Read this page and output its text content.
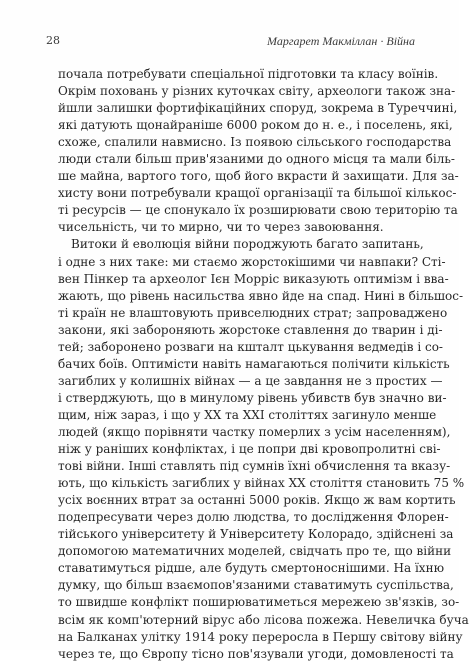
28	Маргарет Макміллан · Війна
почала потребувати спеціальної підготовки та класу воїнів.
Окрім поховань у різних куточках світу, археологи також зна-
йшли залишки фортифікаційних споруд, зокрема в Туреччині,
які датують щонайраніше 6000 роком до н. е., і поселень, які,
схоже, спалили навмисно. Із появою сільського господарства
люди стали більш прив'язаними до одного місця та мали біль-
ше майна, вартого того, щоб його вкрасти й захищати. Для за-
хисту вони потребували кращої організації та більшої кількос-
ті ресурсів — це спонукало їх розширювати свою територію та
чисельність, чи то мирно, чи то через завоювання.
Витоки й еволюція війни породжують багато запитань,
і одне з них таке: ми стаємо жорстокішими чи навпаки? Сті-
вен Пінкер та археолог Ієн Морріс виказують оптимізм і вва-
жають, що рівень насильства явно йде на спад. Нині в більшос-
ті країн не влаштовують привселюдних страт; запроваджено
закони, які забороняють жорстоке ставлення до тварин і ді-
тей; заборонено розваги на кшталт цькування ведмедів і со-
бачих боїв. Оптимісти навіть намагаються полічити кількість
загиблих у колишніх війнах — а це завдання не з простих —
і стверджують, що в минулому рівень убивств був значно ви-
щим, ніж зараз, і що у XX та XXI століттях загинуло менше
людей (якщо порівняти частку померлих з усім населенням),
ніж у раніших конфліктах, і це попри дві кровопролитні сві-
тові війни. Інші ставлять під сумнів їхні обчислення та вказу-
ють, що кількість загиблих у війнах XX століття становить 75 %
усіх воєнних втрат за останні 5000 років. Якщо ж вам кортить
подепресувати через долю людства, то дослідження Флорен-
тійського університету й Університету Колорадо, здійснені за
допомогою математичних моделей, свідчать про те, що війни
ставатимуться рідше, але будуть смертоноснішими. На їхню
думку, що більш взаємопов'язаними ставатимуть суспільства,
то швидше конфлікт поширюватиметься мережею зв'язків, зо-
всім як комп'ютерний вірус або лісова пожежа. Невеличка буча
на Балканах улітку 1914 року переросла в Першу світову війну
через те, що Європу тісно пов'язували угоди, домовленості та
